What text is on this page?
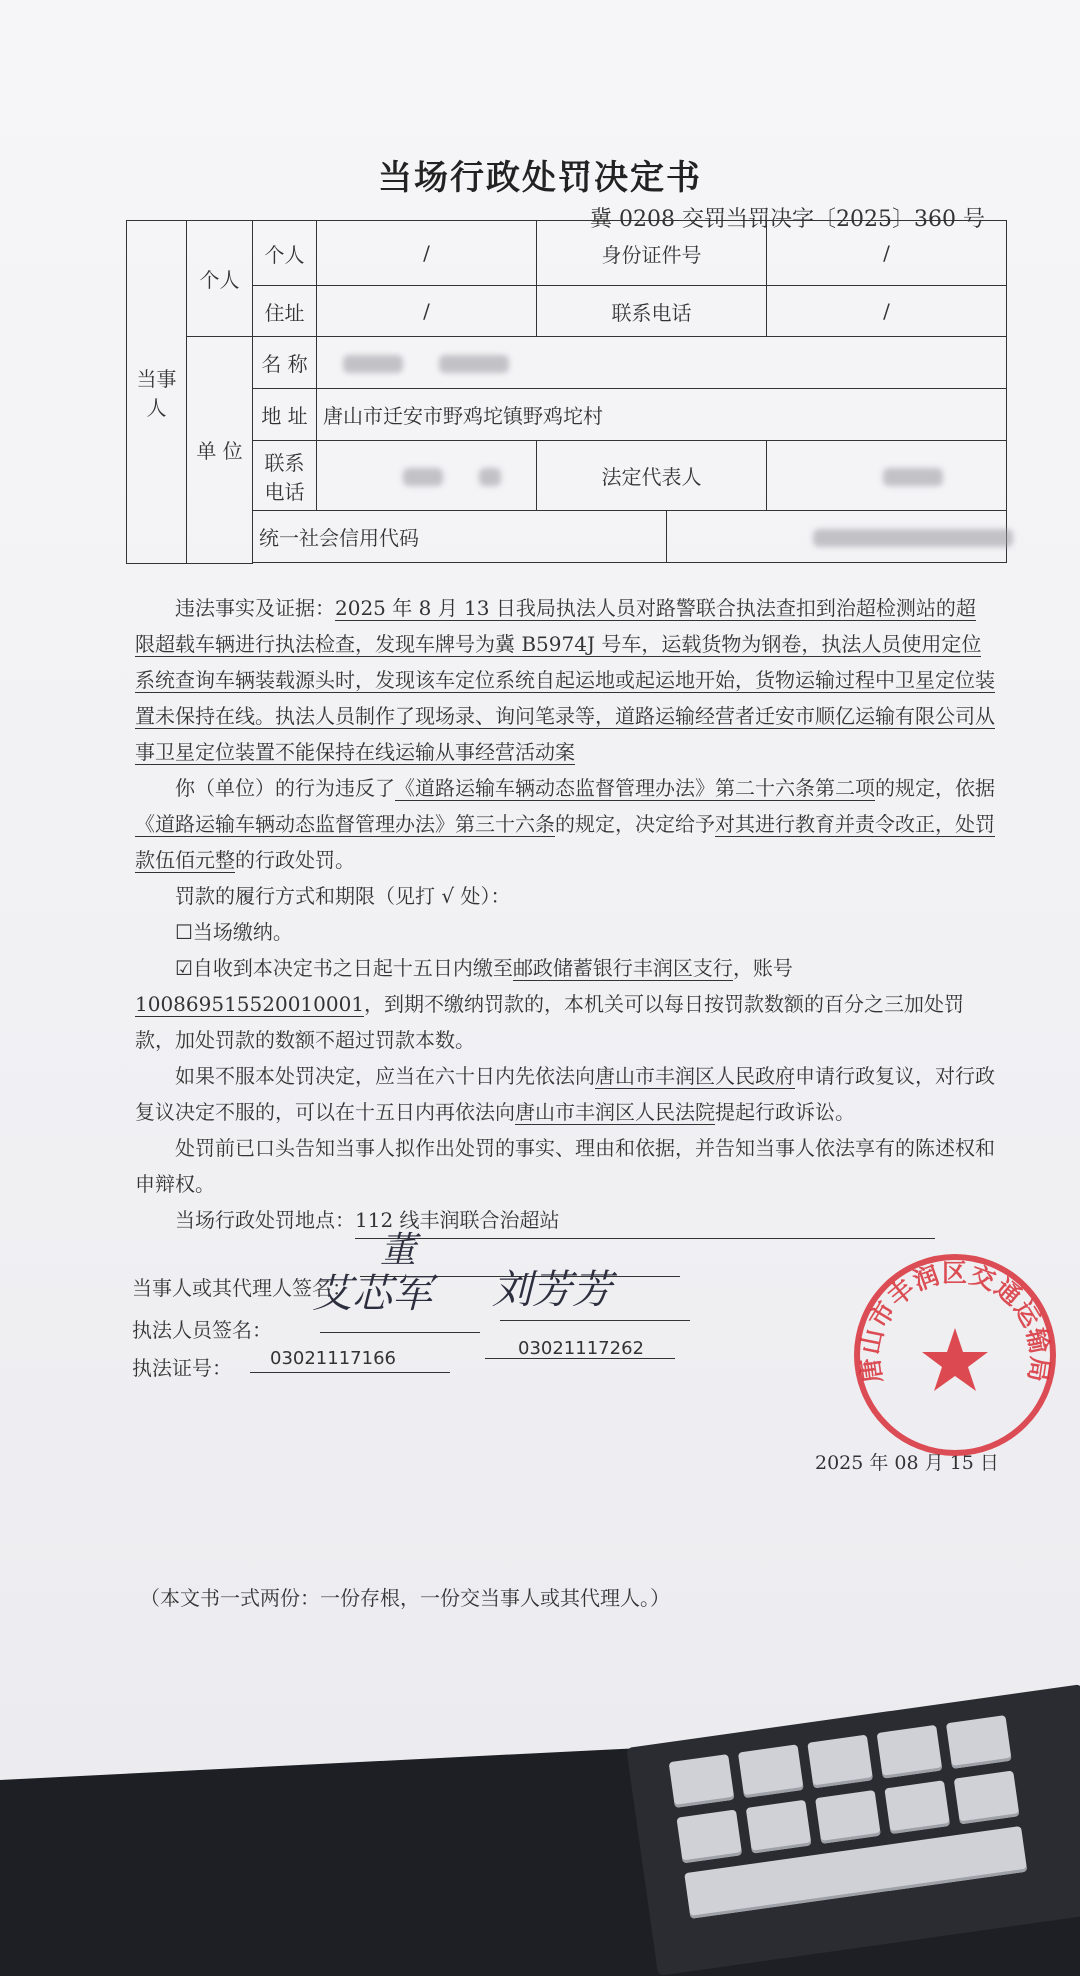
当场行政处罚决定书
冀 0208 交罚当罚决字〔2025〕360 号
当事人	个人	个人	/	身份证件号		/
		住址	/	联系电话		/
	单 位	名 称				
		地 址	唐山市迁安市野鸡坨镇野鸡坨村			
		联系电话		法定代表人		
		统一社会信用代码				

违法事实及证据：2025 年 8 月 13 日我局执法人员对路警联合执法查扣到治超检测站的超限超载车辆进行执法检查，发现车牌号为冀 B5974J 号车，运载货物为钢卷，执法人员使用定位系统查询车辆装载源头时，发现该车定位系统自起运地或起运地开始，货物运输过程中卫星定位装置未保持在线。执法人员制作了现场录、询问笔录等，道路运输经营者迁安市顺亿运输有限公司从事卫星定位装置不能保持在线运输从事经营活动案

你（单位）的行为违反了《道路运输车辆动态监督管理办法》第二十六条第二项的规定，依据《道路运输车辆动态监督管理办法》第三十六条的规定，决定给予对其进行教育并责令改正，处罚款伍佰元整的行政处罚。

罚款的履行方式和期限（见打 √ 处）：

☐当场缴纳。

☑自收到本决定书之日起十五日内缴至邮政储蓄银行丰润区支行，账号100869515520010001，到期不缴纳罚款的，本机关可以每日按罚款数额的百分之三加处罚款，加处罚款的数额不超过罚款本数。

如果不服本处罚决定，应当在六十日内先依法向唐山市丰润区人民政府申请行政复议，对行政复议决定不服的，可以在十五日内再依法向唐山市丰润区人民法院提起行政诉讼。

处罚前已口头告知当事人拟作出处罚的事实、理由和依据，并告知当事人依法享有的陈述权和申辩权。

当场行政处罚地点：112 线丰润联合治超站

当事人或其代理人签名：
董
艾芯军 刘芳芳
执法人员签名：
执法证号： 03021117166	03021117262
2025 年 08 月 15 日
唐山市丰润区交通运输局
（本文书一式两份：一份存根，一份交当事人或其代理人。）
